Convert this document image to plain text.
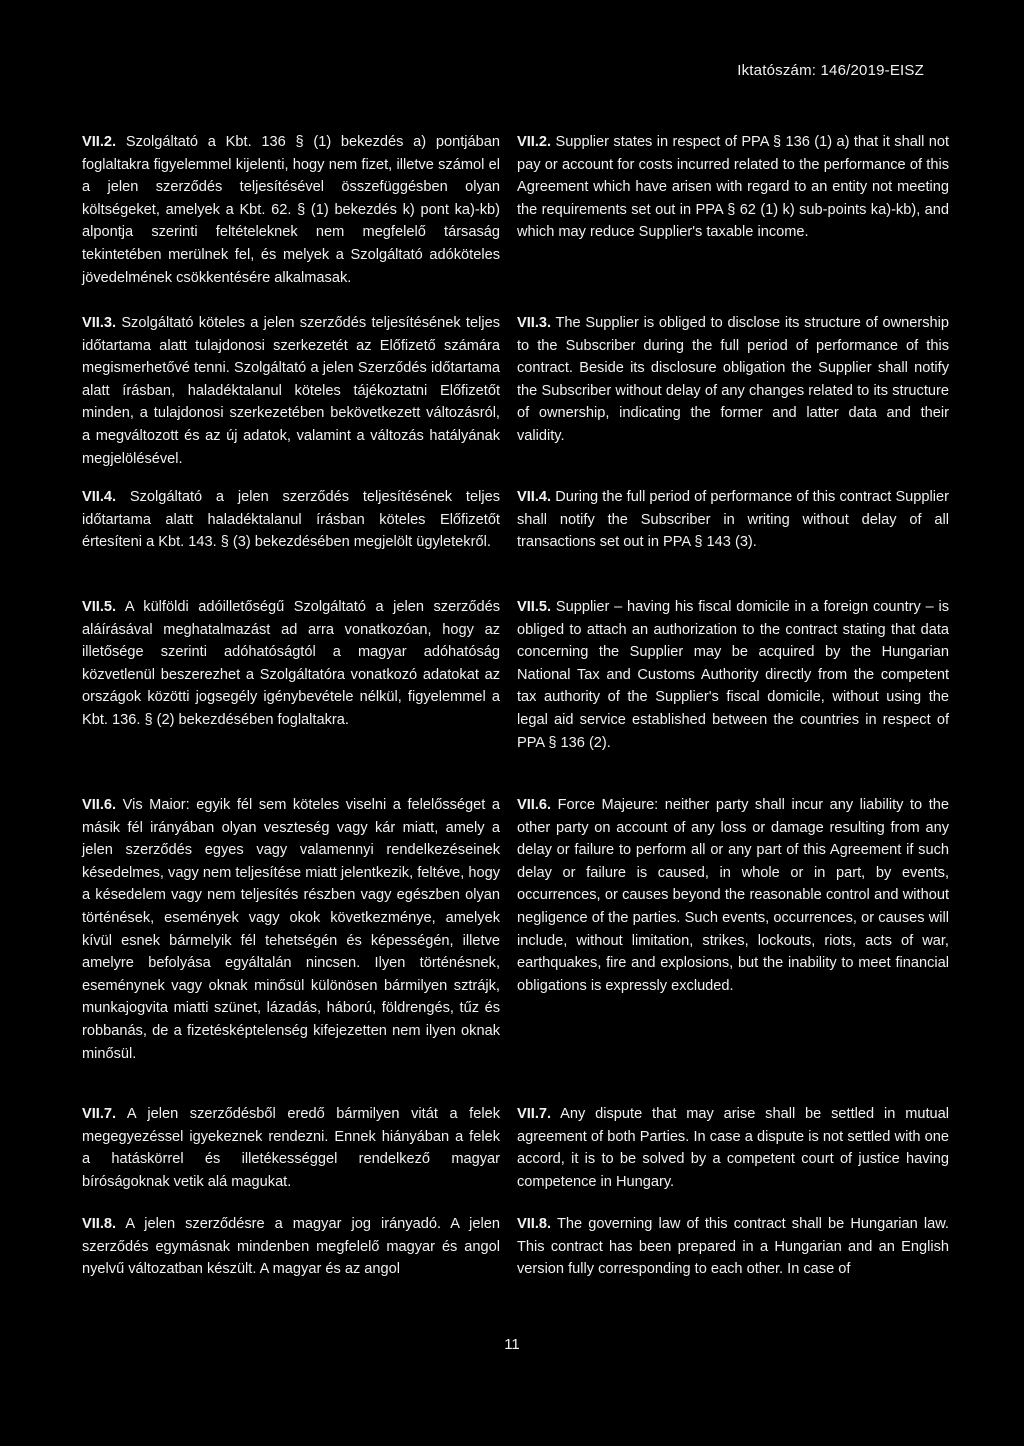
Iktatószám: 146/2019-EISZ
VII.2. Szolgáltató a Kbt. 136 § (1) bekezdés a) pontjában foglaltakra figyelemmel kijelenti, hogy nem fizet, illetve számol el a jelen szerződés teljesítésével összefüggésben olyan költségeket, amelyek a Kbt. 62. § (1) bekezdés k) pont ka)-kb) alpontja szerinti feltételeknek nem megfelelő társaság tekintetében merülnek fel, és melyek a Szolgáltató adóköteles jövedelmének csökkentésére alkalmasak.
VII.2. Supplier states in respect of PPA § 136 (1) a) that it shall not pay or account for costs incurred related to the performance of this Agreement which have arisen with regard to an entity not meeting the requirements set out in PPA § 62 (1) k) sub-points ka)-kb), and which may reduce Supplier's taxable income.
VII.3. Szolgáltató köteles a jelen szerződés teljesítésének teljes időtartama alatt tulajdonosi szerkezetét az Előfizető számára megismerhetővé tenni. Szolgáltató a jelen Szerződés időtartama alatt írásban, haladéktalanul köteles tájékoztatni Előfizetőt minden, a tulajdonosi szerkezetében bekövetkezett változásról, a megváltozott és az új adatok, valamint a változás hatályának megjelölésével.
VII.3. The Supplier is obliged to disclose its structure of ownership to the Subscriber during the full period of performance of this contract. Beside its disclosure obligation the Supplier shall notify the Subscriber without delay of any changes related to its structure of ownership, indicating the former and latter data and their validity.
VII.4. Szolgáltató a jelen szerződés teljesítésének teljes időtartama alatt haladéktalanul írásban köteles Előfizetőt értesíteni a Kbt. 143. § (3) bekezdésében megjelölt ügyletekről.
VII.4. During the full period of performance of this contract Supplier shall notify the Subscriber in writing without delay of all transactions set out in PPA § 143 (3).
VII.5. A külföldi adóilletőségű Szolgáltató a jelen szerződés aláírásával meghatalmazást ad arra vonatkozóan, hogy az illetősége szerinti adóhatóságtól a magyar adóhatóság közvetlenül beszerezhet a Szolgáltatóra vonatkozó adatokat az országok közötti jogsegély igénybevétele nélkül, figyelemmel a Kbt. 136. § (2) bekezdésében foglaltakra.
VII.5. Supplier – having his fiscal domicile in a foreign country – is obliged to attach an authorization to the contract stating that data concerning the Supplier may be acquired by the Hungarian National Tax and Customs Authority directly from the competent tax authority of the Supplier's fiscal domicile, without using the legal aid service established between the countries in respect of PPA § 136 (2).
VII.6. Vis Maior: egyik fél sem köteles viselni a felelősséget a másik fél irányában olyan veszteség vagy kár miatt, amely a jelen szerződés egyes vagy valamennyi rendelkezéseinek késedelmes, vagy nem teljesítése miatt jelentkezik, feltéve, hogy a késedelem vagy nem teljesítés részben vagy egészben olyan történések, események vagy okok következménye, amelyek kívül esnek bármelyik fél tehetségén és képességén, illetve amelyre befolyása egyáltalán nincsen. Ilyen történésnek, eseménynek vagy oknak minősül különösen bármilyen sztrájk, munkajogvita miatti szünet, lázadás, háború, földrengés, tűz és robbanás, de a fizetésképtelenség kifejezetten nem ilyen oknak minősül.
VII.6. Force Majeure: neither party shall incur any liability to the other party on account of any loss or damage resulting from any delay or failure to perform all or any part of this Agreement if such delay or failure is caused, in whole or in part, by events, occurrences, or causes beyond the reasonable control and without negligence of the parties. Such events, occurrences, or causes will include, without limitation, strikes, lockouts, riots, acts of war, earthquakes, fire and explosions, but the inability to meet financial obligations is expressly excluded.
VII.7. A jelen szerződésből eredő bármilyen vitát a felek megegyezéssel igyekeznek rendezni. Ennek hiányában a felek a hatáskörrel és illetékességgel rendelkező magyar bíróságoknak vetik alá magukat.
VII.7. Any dispute that may arise shall be settled in mutual agreement of both Parties. In case a dispute is not settled with one accord, it is to be solved by a competent court of justice having competence in Hungary.
VII.8. A jelen szerződésre a magyar jog irányadó. A jelen szerződés egymásnak mindenben megfelelő magyar és angol nyelvű változatban készült. A magyar és az angol
VII.8. The governing law of this contract shall be Hungarian law. This contract has been prepared in a Hungarian and an English version fully corresponding to each other. In case of
11
